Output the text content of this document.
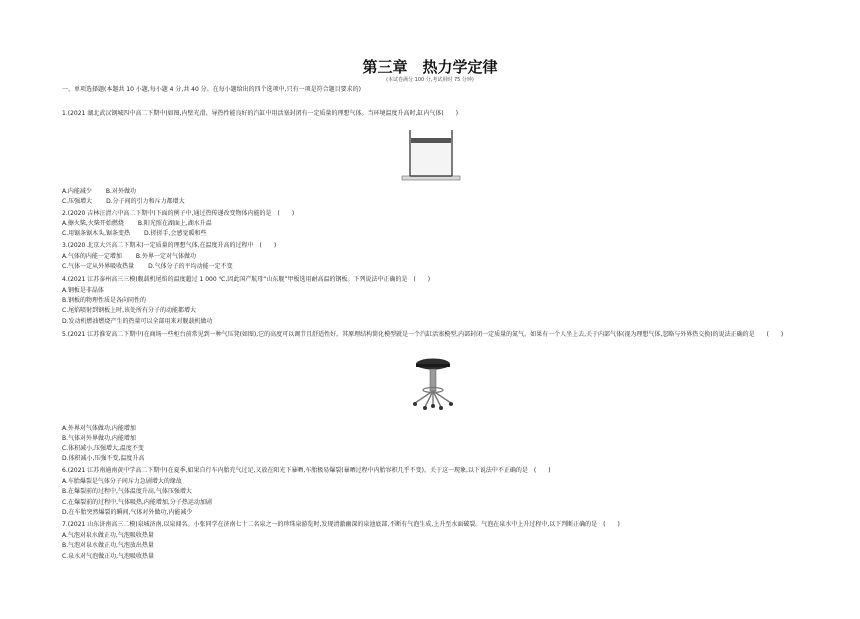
第三章　热力学定律
(本试卷满分 100 分,考试用时 75 分钟)
一、单项选择题(本题共 10 小题,每小题 4 分,共 40 分。在每小题给出的四个选项中,只有一项是符合题目要求的)
1.(2021 湖北武汉钢城四中高二下期中)如图,内壁光滑、导热性能良好的汽缸中用活塞封闭有一定质量的理想气体。当环境温度升高时,缸内气体(　　)
A.内能减少 B.对外做功
C.压强增大 D.分子间的引力和斥力都增大
2.(2020 吉林汪清六中高二下期中)下面的例子中,通过热传递改变物体内能的是　(　　)
A.擦火柴,火柴开始燃烧 B.阳光照在湖面上,湖水升温
C.用锯条锯木头,锯条变热 D.搓搓手,会感觉暖和些
3.(2020 北京大兴高二下期末)一定质量的理想气体,在温度升高的过程中　(　　)
A.气体的内能一定增加 B.外界一定对气体做功
C.气体一定从外界吸收热量 D.气体分子的平均动能一定不变
4.(2021 江苏泰州高三三模)舰载机尾焰的温度超过 1 000 ℃,因此国产航母“山东舰”甲板选用耐高温的钢板。下列说法中正确的是　(　　)
A.钢板是非晶体
B.钢板的物理性质是各向同性的
C.尾焰喷射到钢板上时,该处所有分子的动能都增大
D.发动机燃油燃烧产生的热量可以全部用来对舰载机做功
5.(2021 江苏淮安高二下期中)在商场一些柜台前常见到一种气压凳(如图),它的高度可以调节且舒适性好。其原理结构简化模型就是一个汽缸活塞模型,内部封闭一定质量的氮气。如果有一个人坐上去,关于内部气体(视为理想气体,忽略与外界热交换)的说法正确的是　　(　　)
A.外界对气体做功,内能增加
B.气体对外界做功,内能增加
C.体积减小,压强增大,温度不变
D.体积减小,压强不变,温度升高
6.(2021 江苏南通南黄中学高二下期中)在夏季,如果自行车内胎充气过足,又放在阳光下暴晒,车胎极易爆裂(暴晒过程中内胎容积几乎不变)。关于这一现象,以下说法中不正确的是　(　　)
A.车胎爆裂是气体分子间斥力急剧增大的缘故
B.在爆裂前的过程中,气体温度升高,气体压强增大
C.在爆裂前的过程中,气体吸热,内能增加,分子热运动加剧
D.在车胎突然爆裂的瞬间,气体对外做功,内能减少
7.(2021 山东济南高三二模)泉城济南,以泉闻名。小张同学在济南七十二名泉之一的珍珠泉游览时,发现清澈幽深的泉池底部,不断有气泡生成,上升至水面破裂。气泡在泉水中上升过程中,以下判断正确的是　(　　)
A.气泡对泉水做正功,气泡吸收热量
B.气泡对泉水做正功,气泡放出热量
C.泉水对气泡做正功,气泡吸收热量
